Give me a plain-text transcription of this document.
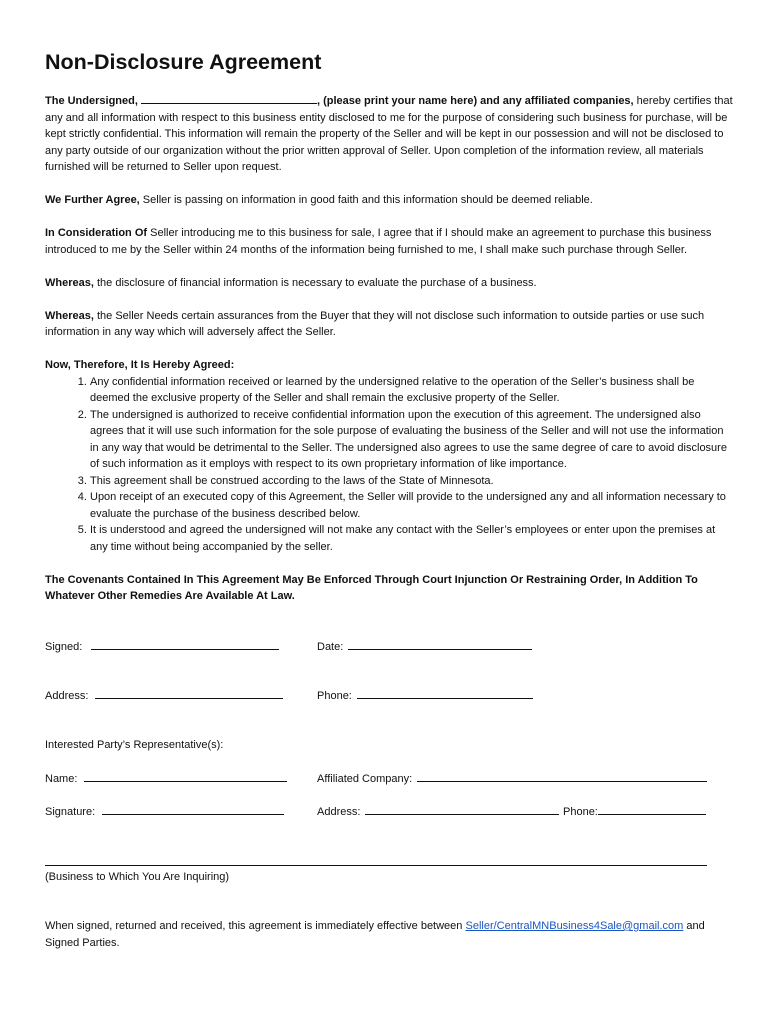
Non-Disclosure Agreement

The Undersigned,	, (please print your name here) and any affiliated companies, hereby certifies that any and all information with respect to this business entity disclosed to me for the purpose of considering such business for purchase, will be kept strictly confidential. This information will remain the property of the Seller and will be kept in our possession and will not be disclosed to any party outside of our organization without the prior written approval of Seller. Upon completion of the information review, all materials furnished will be returned to Seller upon request.

We Further Agree, Seller is passing on information in good faith and this information should be deemed reliable.

In Consideration Of Seller introducing me to this business for sale, I agree that if I should make an agreement to purchase this business introduced to me by the Seller within 24 months of the information being furnished to me, I shall make such purchase through Seller.

Whereas, the disclosure of financial information is necessary to evaluate the purchase of a business.

Whereas, the Seller Needs certain assurances from the Buyer that they will not disclose such information to outside parties or use such information in any way which will adversely affect the Seller.

Now, Therefore, It Is Hereby Agreed:
1. Any confidential information received or learned by the undersigned relative to the operation of the Seller’s business shall be deemed the exclusive property of the Seller and shall remain the exclusive property of the Seller.
2. The undersigned is authorized to receive confidential information upon the execution of this agreement. The undersigned also agrees that it will use such information for the sole purpose of evaluating the business of the Seller and will not use the information in any way that would be detrimental to the Seller. The undersigned also agrees to use the same degree of care to avoid disclosure of such information as it employs with respect to its own proprietary information of like importance.
3. This agreement shall be construed according to the laws of the State of Minnesota.
4. Upon receipt of an executed copy of this Agreement, the Seller will provide to the undersigned any and all information necessary to evaluate the purchase of the business described below.
5. It is understood and agreed the undersigned will not make any contact with the Seller’s employees or enter upon the premises at any time without being accompanied by the seller.

The Covenants Contained In This Agreement May Be Enforced Through Court Injunction Or Restraining Order, In Addition To Whatever Other Remedies Are Available At Law.

Signed:	Date:
Address:	Phone:
Interested Party’s Representative(s):
Name:	Affiliated Company:
Signature:	Address:	Phone:
(Business to Which You Are Inquiring)
When signed, returned and received, this agreement is immediately effective between Seller/CentralMNBusiness4Sale@gmail.com and Signed Parties.
